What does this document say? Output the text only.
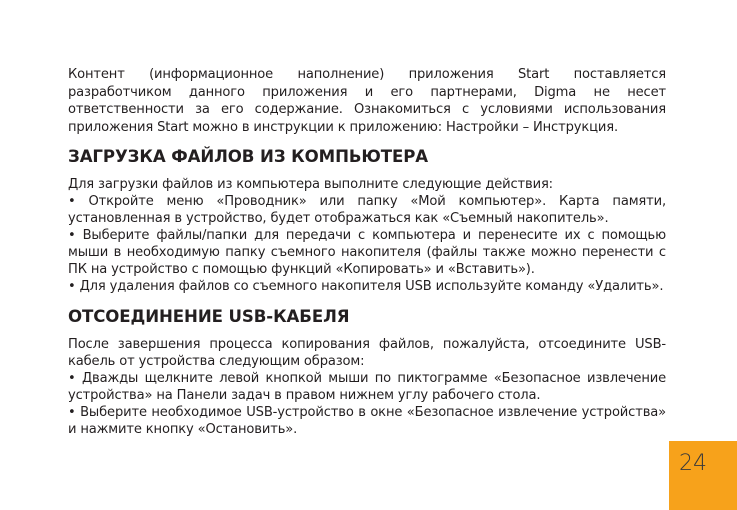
Контент (информационное наполнение) приложения Start поставляется разработчиком данного приложения и его партнерами, Digma не несет ответственности за его содержание. Ознакомиться с условиями использования приложения Start можно в инструкции к приложению: Настройки – Инструкция.

ЗАГРУЗКА ФАЙЛОВ ИЗ КОМПЬЮТЕРА

Для загрузки файлов из компьютера выполните следующие действия:

• Откройте меню «Проводник» или папку «Мой компьютер». Карта памяти, установленная в устройство, будет отображаться как «Съемный накопитель».

• Выберите файлы/папки для передачи с компьютера и перенесите их с помощью мыши в необходимую папку съемного накопителя (файлы также можно перенести с ПК на устройство с помощью функций «Копировать» и «Вставить»).

• Для удаления файлов со съемного накопителя USB используйте команду «Удалить».

ОТСОЕДИНЕНИЕ USB-КАБЕЛЯ

После завершения процесса копирования файлов, пожалуйста, отсоедините USB-кабель от устройства следующим образом:

• Дважды щелкните левой кнопкой мыши по пиктограмме «Безопасное извлечение устройства» на Панели задач в правом нижнем углу рабочего стола.

• Выберите необходимое USB-устройство в окне «Безопасное извлечение устройства» и нажмите кнопку «Остановить».

24
